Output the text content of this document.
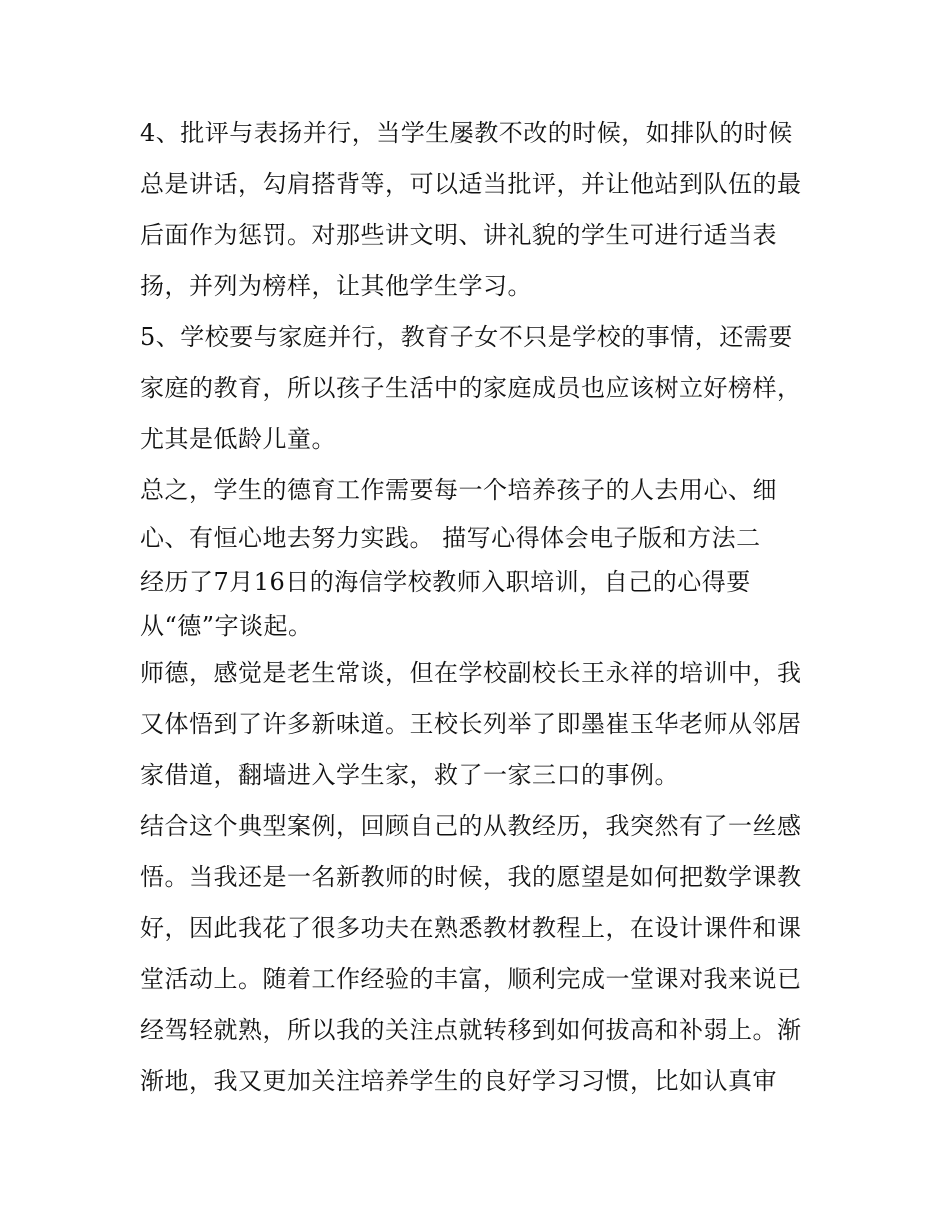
4、批评与表扬并行，当学生屡教不改的时候，如排队的时候
总是讲话，勾肩搭背等，可以适当批评，并让他站到队伍的最
后面作为惩罚。对那些讲文明、讲礼貌的学生可进行适当表
扬，并列为榜样，让其他学生学习。
5、学校要与家庭并行，教育子女不只是学校的事情，还需要
家庭的教育，所以孩子生活中的家庭成员也应该树立好榜样，
尤其是低龄儿童。
总之，学生的德育工作需要每一个培养孩子的人去用心、细
心、有恒心地去努力实践。 描写心得体会电子版和方法二
经历了7月16日的海信学校教师入职培训，自己的心得要
从“德”字谈起。
师德，感觉是老生常谈，但在学校副校长王永祥的培训中，我
又体悟到了许多新味道。王校长列举了即墨崔玉华老师从邻居
家借道，翻墙进入学生家，救了一家三口的事例。
结合这个典型案例，回顾自己的从教经历，我突然有了一丝感
悟。当我还是一名新教师的时候，我的愿望是如何把数学课教
好，因此我花了很多功夫在熟悉教材教程上，在设计课件和课
堂活动上。随着工作经验的丰富，顺利完成一堂课对我来说已
经驾轻就熟，所以我的关注点就转移到如何拔高和补弱上。渐
渐地，我又更加关注培养学生的良好学习习惯，比如认真审
